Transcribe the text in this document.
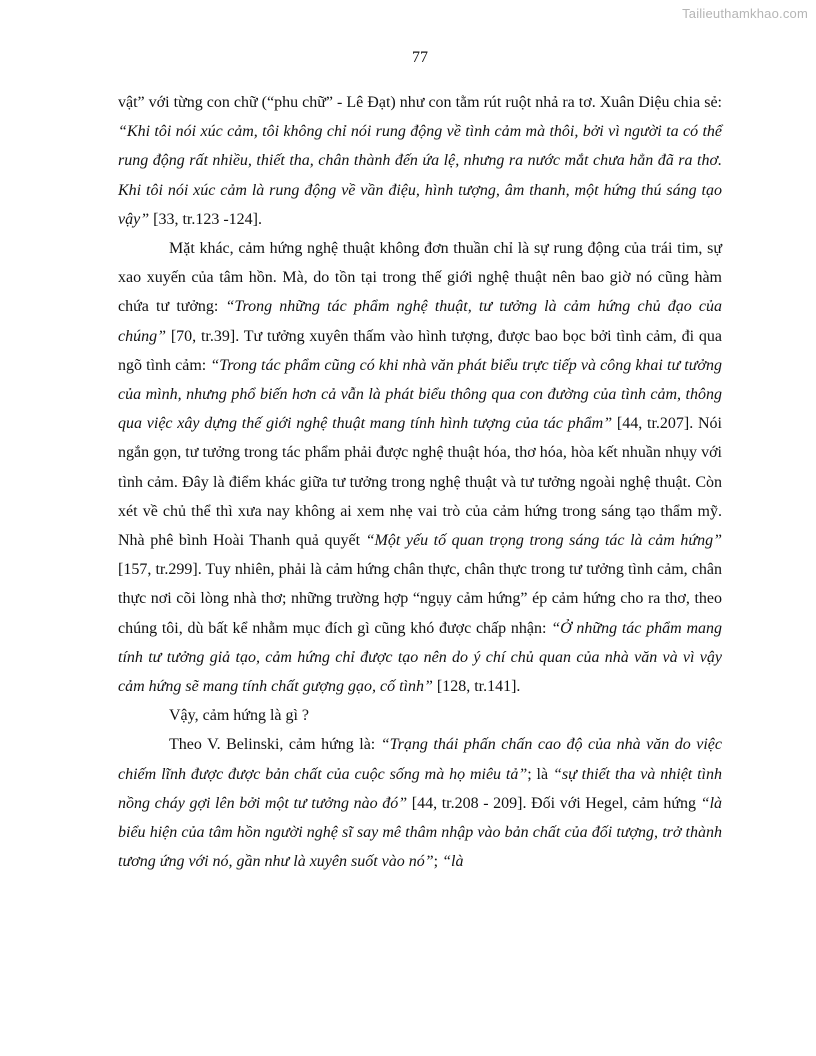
Tailieuthamkhao.com
77

vật” với từng con chữ (“phu chữ” - Lê Đạt) như con tằm rút ruột nhả ra tơ. Xuân Diệu chia sẻ: “Khi tôi nói xúc cảm, tôi không chỉ nói rung động về tình cảm mà thôi, bởi vì người ta có thể rung động rất nhiều, thiết tha, chân thành đến ứa lệ, nhưng ra nước mắt chưa hẳn đã ra thơ. Khi tôi nói xúc cảm là rung động về vần điệu, hình tượng, âm thanh, một hứng thú sáng tạo vậy” [33, tr.123 -124].

Mặt khác, cảm hứng nghệ thuật không đơn thuần chỉ là sự rung động của trái tim, sự xao xuyến của tâm hồn. Mà, do tồn tại trong thế giới nghệ thuật nên bao giờ nó cũng hàm chứa tư tưởng: “Trong những tác phẩm nghệ thuật, tư tưởng là cảm hứng chủ đạo của chúng” [70, tr.39]. Tư tưởng xuyên thấm vào hình tượng, được bao bọc bởi tình cảm, đi qua ngõ tình cảm: “Trong tác phẩm cũng có khi nhà văn phát biểu trực tiếp và công khai tư tưởng của mình, nhưng phổ biến hơn cả vẫn là phát biểu thông qua con đường của tình cảm, thông qua việc xây dựng thế giới nghệ thuật mang tính hình tượng của tác phẩm” [44, tr.207]. Nói ngắn gọn, tư tưởng trong tác phẩm phải được nghệ thuật hóa, thơ hóa, hòa kết nhuần nhụy với tình cảm. Đây là điểm khác giữa tư tưởng trong nghệ thuật và tư tưởng ngoài nghệ thuật. Còn xét về chủ thể thì xưa nay không ai xem nhẹ vai trò của cảm hứng trong sáng tạo thẩm mỹ. Nhà phê bình Hoài Thanh quả quyết “Một yếu tố quan trọng trong sáng tác là cảm hứng” [157, tr.299]. Tuy nhiên, phải là cảm hứng chân thực, chân thực trong tư tưởng tình cảm, chân thực nơi cõi lòng nhà thơ; những trường hợp “ngụy cảm hứng” ép cảm hứng cho ra thơ, theo chúng tôi, dù bất kể nhằm mục đích gì cũng khó được chấp nhận: “Ở những tác phẩm mang tính tư tưởng giả tạo, cảm hứng chỉ được tạo nên do ý chí chủ quan của nhà văn và vì vậy cảm hứng sẽ mang tính chất gượng gạo, cố tình” [128, tr.141].

Vậy, cảm hứng là gì ?

Theo V. Belinski, cảm hứng là: “Trạng thái phấn chấn cao độ của nhà văn do việc chiếm lĩnh được được bản chất của cuộc sống mà họ miêu tả”; là “sự thiết tha và nhiệt tình nồng cháy gợi lên bởi một tư tưởng nào đó” [44, tr.208 - 209]. Đối với Hegel, cảm hứng “là biểu hiện của tâm hồn người nghệ sĩ say mê thâm nhập vào bản chất của đối tượng, trở thành tương ứng với nó, gần như là xuyên suốt vào nó”; “là
